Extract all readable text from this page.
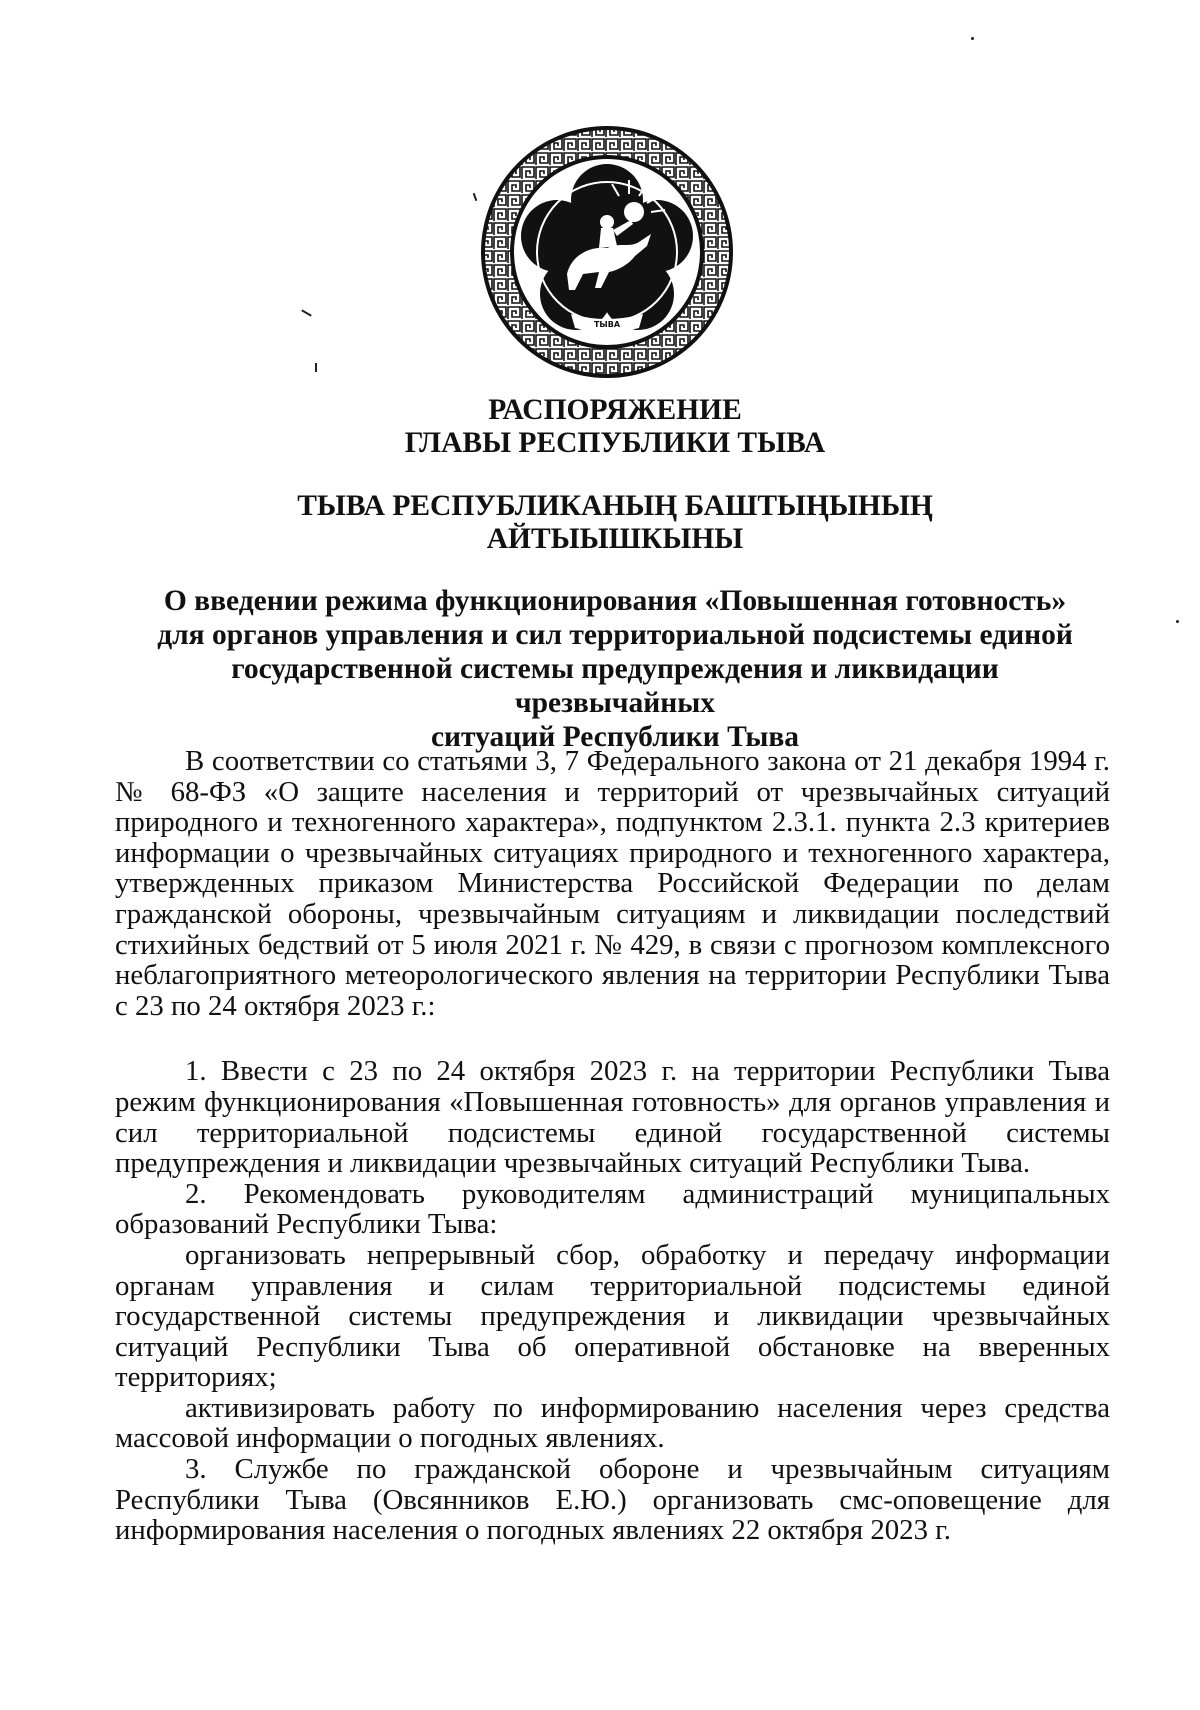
ТЫВА
РАСПОРЯЖЕНИЕ
ГЛАВЫ РЕСПУБЛИКИ ТЫВА
ТЫВА РЕСПУБЛИКАНЫҢ БАШТЫҢЫНЫҢ
АЙТЫЫШКЫНЫ
О введении режима функционирования «Повышенная готовность»
для органов управления и сил территориальной подсистемы единой
государственной системы предупреждения и ликвидации чрезвычайных
ситуаций Республики Тыва

В соответствии со статьями 3, 7 Федерального закона от 21 декабря 1994 г. № 68-ФЗ «О защите населения и территорий от чрезвычайных ситуаций природного и техногенного характера», подпунктом 2.3.1. пункта 2.3 критериев информации о чрезвычайных ситуациях природного и техногенного характера, утвержденных приказом Министерства Российской Федерации по делам гражданской обороны, чрезвычайным ситуациям и ликвидации последствий стихийных бедствий от 5 июля 2021 г. № 429, в связи с прогнозом комплексного неблагоприятного метеорологического явления на территории Республики Тыва с 23 по 24 октября 2023 г.:

1. Ввести с 23 по 24 октября 2023 г. на территории Республики Тыва режим функционирования «Повышенная готовность» для органов управления и сил территориальной подсистемы единой государственной системы предупреждения и ликвидации чрезвычайных ситуаций Республики Тыва.

2. Рекомендовать руководителям администраций муниципальных образований Республики Тыва:

организовать непрерывный сбор, обработку и передачу информации органам управления и силам территориальной подсистемы единой государственной системы предупреждения и ликвидации чрезвычайных ситуаций Республики Тыва об оперативной обстановке на вверенных территориях;

активизировать работу по информированию населения через средства массовой информации о погодных явлениях.

3. Службе по гражданской обороне и чрезвычайным ситуациям Республики Тыва (Овсянников Е.Ю.) организовать смс-оповещение для информирования населения о погодных явлениях 22 октября 2023 г.
